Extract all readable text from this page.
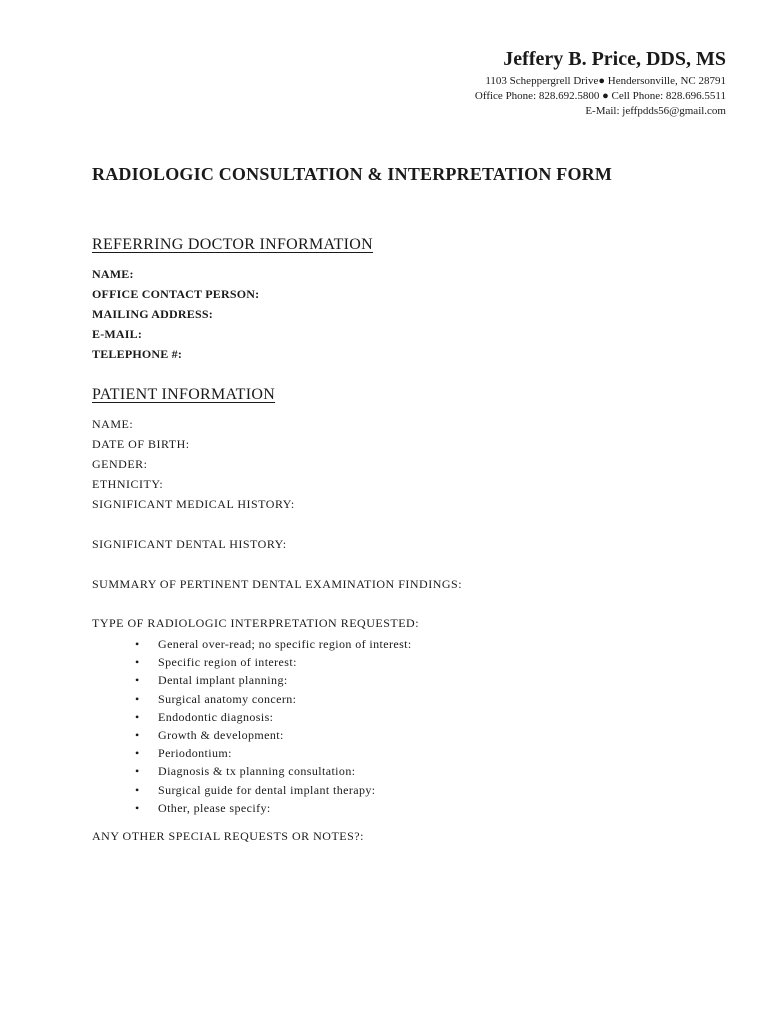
Jeffery B. Price, DDS, MS
1103 Scheppergrell Drive● Hendersonville, NC 28791
Office Phone: 828.692.5800 ● Cell Phone: 828.696.5511
E-Mail: jeffpdds56@gmail.com
RADIOLOGIC CONSULTATION & INTERPRETATION FORM
REFERRING DOCTOR INFORMATION
NAME:
OFFICE CONTACT PERSON:
MAILING ADDRESS:
E-MAIL:
TELEPHONE #:
PATIENT INFORMATION
NAME:
DATE OF BIRTH:
GENDER:
ETHNICITY:
SIGNIFICANT MEDICAL HISTORY:
SIGNIFICANT DENTAL HISTORY:
SUMMARY OF PERTINENT DENTAL EXAMINATION FINDINGS:
TYPE OF RADIOLOGIC INTERPRETATION REQUESTED:
• General over-read; no specific region of interest:
• Specific region of interest:
• Dental implant planning:
• Surgical anatomy concern:
• Endodontic diagnosis:
• Growth & development:
• Periodontium:
• Diagnosis & tx planning consultation:
• Surgical guide for dental implant therapy:
• Other, please specify:
ANY OTHER SPECIAL REQUESTS OR NOTES?:
